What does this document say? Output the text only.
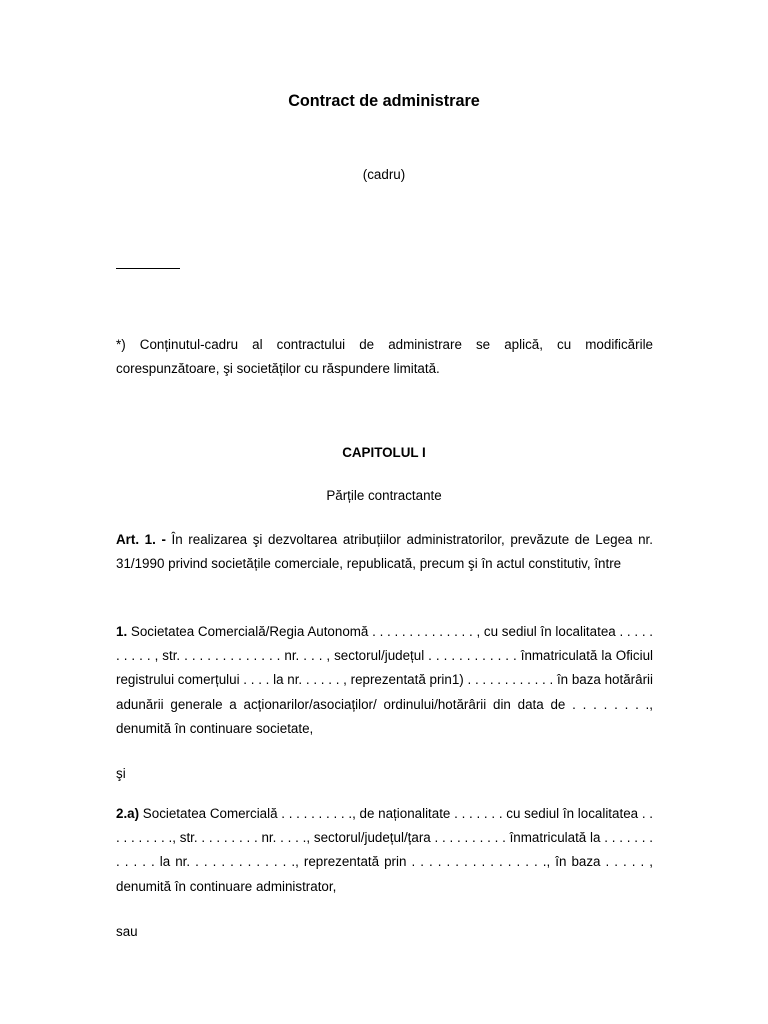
Contract de administrare
(cadru)
*) Conținutul-cadru al contractului de administrare se aplică, cu modificările corespunzătoare, şi societăților cu răspundere limitată.
CAPITOLUL I
Părțile contractante
Art. 1. - În realizarea şi dezvoltarea atribuțiilor administratorilor, prevăzute de Legea nr. 31/1990 privind societățile comerciale, republicată, precum şi în actul constitutiv, între
1. Societatea Comercială/Regia Autonomă . . . . . . . . . . . . . . , cu sediul în localitatea . . . . . . . . . . , str. . . . . . . . . . . . . . nr. . . . , sectorul/județul . . . . . . . . . . . . înmatriculată la Oficiul registrului comerțului . . . . la nr. . . . . . , reprezentată prin1) . . . . . . . . . . . . în baza hotărârii adunării generale a acționarilor/asociaților/ ordinului/hotărârii din data de . . . . . . . ., denumită în continuare societate,
şi
2.a) Societatea Comercială . . . . . . . . . ., de naționalitate . . . . . . . cu sediul în localitatea . . . . . . . . . ., str. . . . . . . . . nr. . . . ., sectorul/județul/țara . . . . . . . . . . înmatriculată la . . . . . . . . . . . . la nr. . . . . . . . . . . . ., reprezentată prin . . . . . . . . . . . . . . . ., în baza . . . . . , denumită în continuare administrator,
sau
